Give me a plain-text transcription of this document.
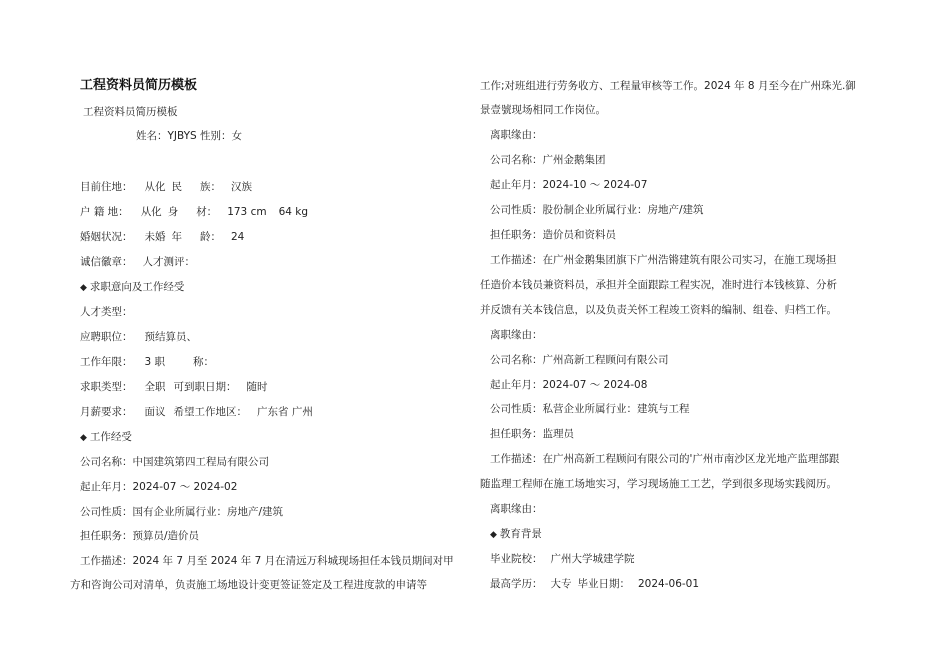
工程资料员简历模板
工程资料员简历模板
姓名：YJBYS 性别：女
目前住地： 从化 民 族： 汉族
户 籍 地： 从化 身 材： 173 cm 64 kg
婚姻状况： 未婚 年 龄： 24
诚信徽章： 人才测评：
◆ 求职意向及工作经受
人才类型：
应聘职位： 预结算员、
工作年限： 3 职	称：
求职类型： 全职 可到职日期： 随时
月薪要求： 面议 希望工作地区： 广东省 广州
◆ 工作经受
公司名称：中国建筑第四工程局有限公司
起止年月：2024-07 ～ 2024-02
公司性质：国有企业所属行业：房地产/建筑
担任职务：预算员/造价员
工作描述：2024 年 7 月至 2024 年 7 月在清远万科城现场担任本钱员期间对甲
方和咨询公司对清单，负责施工场地设计变更签证签定及工程进度款的申请等
工作;对班组进行劳务收方、工程量审核等工作。2024 年 8 月至今在广州珠光.御
景壹號现场相同工作岗位。
离职缘由：
公司名称：广州金鹅集团
起止年月：2024-10 ～ 2024-07
公司性质：股份制企业所属行业：房地产/建筑
担任职务：造价员和资料员
工作描述：在广州金鹅集团旗下广州浩锵建筑有限公司实习，在施工现场担
任造价本钱员兼资料员，承担并全面跟踪工程实况，准时进行本钱核算、分析
并反馈有关本钱信息，以及负责关怀工程竣工资料的编制、组卷、归档工作。
离职缘由：
公司名称：广州高新工程顾问有限公司
起止年月：2024-07 ～ 2024-08
公司性质：私营企业所属行业：建筑与工程
担任职务：监理员
工作描述：在广州高新工程顾问有限公司的'广州市南沙区龙光地产监理部跟
随监理工程师在施工场地实习，学习现场施工工艺，学到很多现场实践阅历。
离职缘由：
◆ 教育背景
毕业院校： 广州大学城建学院
最高学历： 大专 毕业日期： 2024-06-01
